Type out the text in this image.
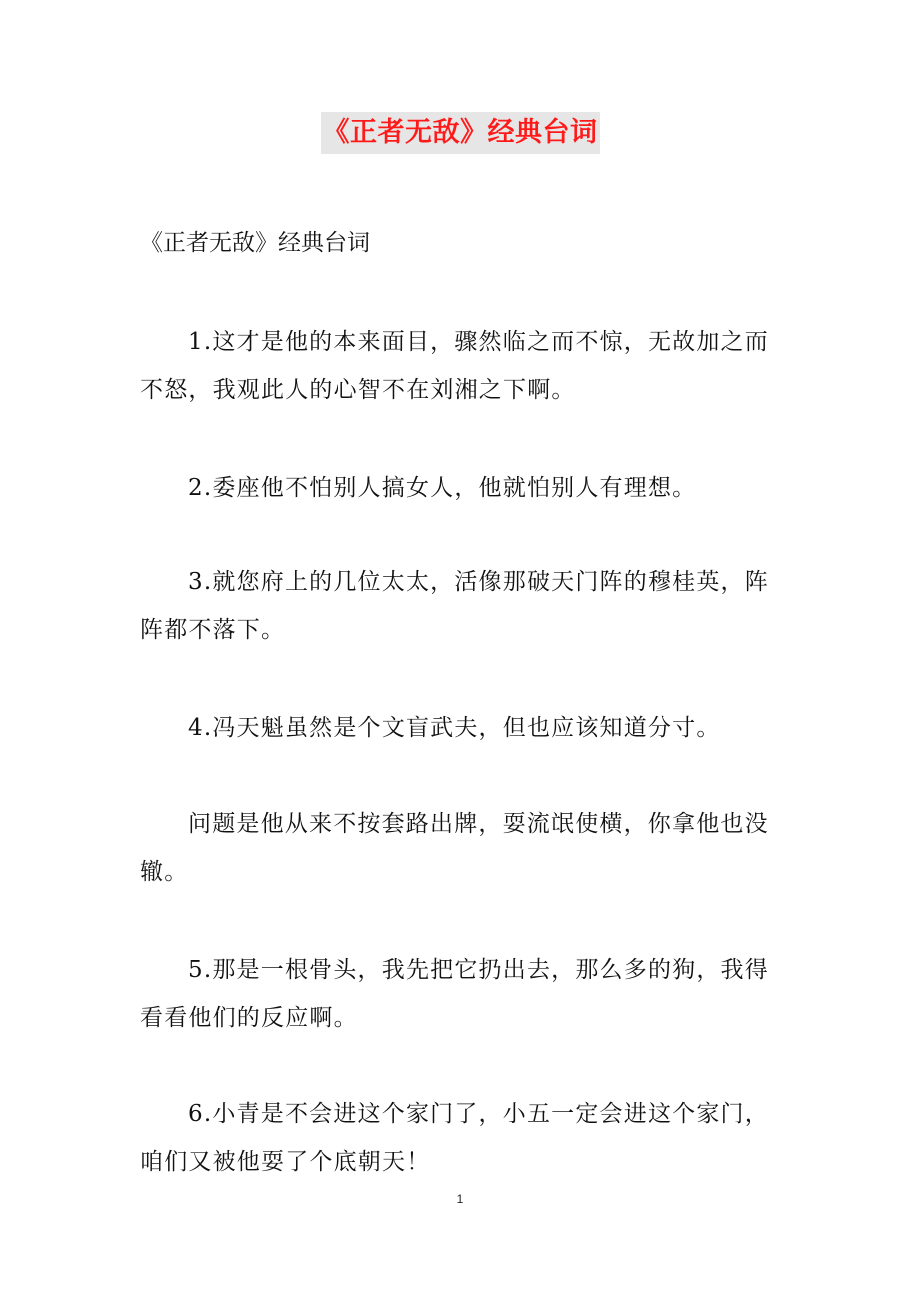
《正者无敌》经典台词
《正者无敌》经典台词

1.这才是他的本来面目，骤然临之而不惊，无故加之而不怒，我观此人的心智不在刘湘之下啊。

2.委座他不怕别人搞女人，他就怕别人有理想。

3.就您府上的几位太太，活像那破天门阵的穆桂英，阵阵都不落下。

4.冯天魁虽然是个文盲武夫，但也应该知道分寸。

问题是他从来不按套路出牌，耍流氓使横，你拿他也没辙。

5.那是一根骨头，我先把它扔出去，那么多的狗，我得看看他们的反应啊。

6.小青是不会进这个家门了，小五一定会进这个家门，咱们又被他耍了个底朝天！

1
